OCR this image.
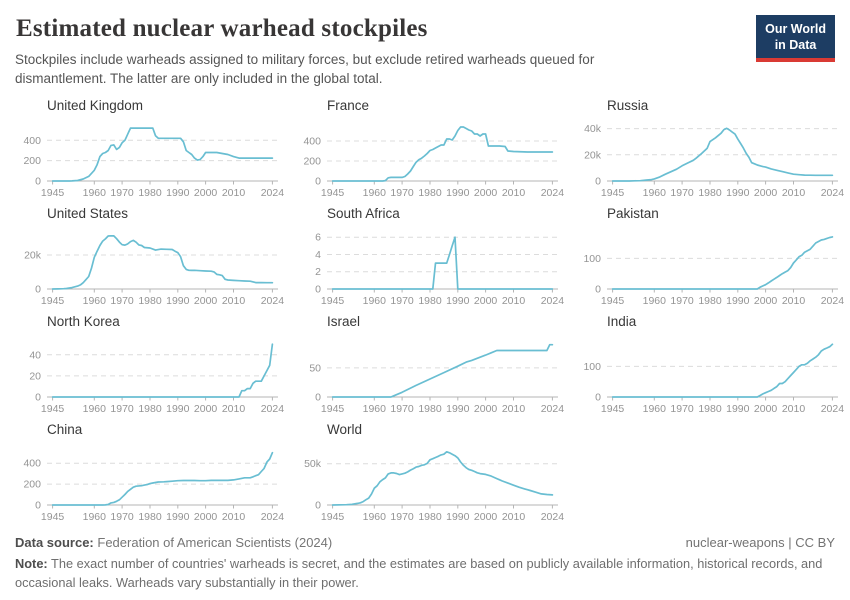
Estimated nuclear warhead stockpiles
Stockpiles include warheads assigned to military forces, but exclude retired warheads queued for dismantlement. The latter are only included in the global total.
Our World
in Data
United Kingdom
0
200
400
1945 1960 1970 1980 1990 2000 2010 2024
France
0
200
400
1945 1960 1970 1980 1990 2000 2010 2024
Russia
0
20k
40k
1945 1960 1970 1980 1990 2000 2010 2024
United States
0
20k
1945 1960 1970 1980 1990 2000 2010 2024
South Africa
0
2
4
6
1945 1960 1970 1980 1990 2000 2010 2024
Pakistan
0
100
1945 1960 1970 1980 1990 2000 2010 2024
North Korea
0
20
40
1945 1960 1970 1980 1990 2000 2010 2024
Israel
0
50
1945 1960 1970 1980 1990 2000 2010 2024
India
0
100
1945 1960 1970 1980 1990 2000 2010 2024
China
0
200
400
1945 1960 1970 1980 1990 2000 2010 2024
World
0
50k
1945 1960 1970 1980 1990 2000 2010 2024
Data source: Federation of American Scientists (2024)	nuclear-weapons | CC BY
Note: The exact number of countries' warheads is secret, and the estimates are based on publicly available information, historical records, and occasional leaks. Warheads vary substantially in their power.
